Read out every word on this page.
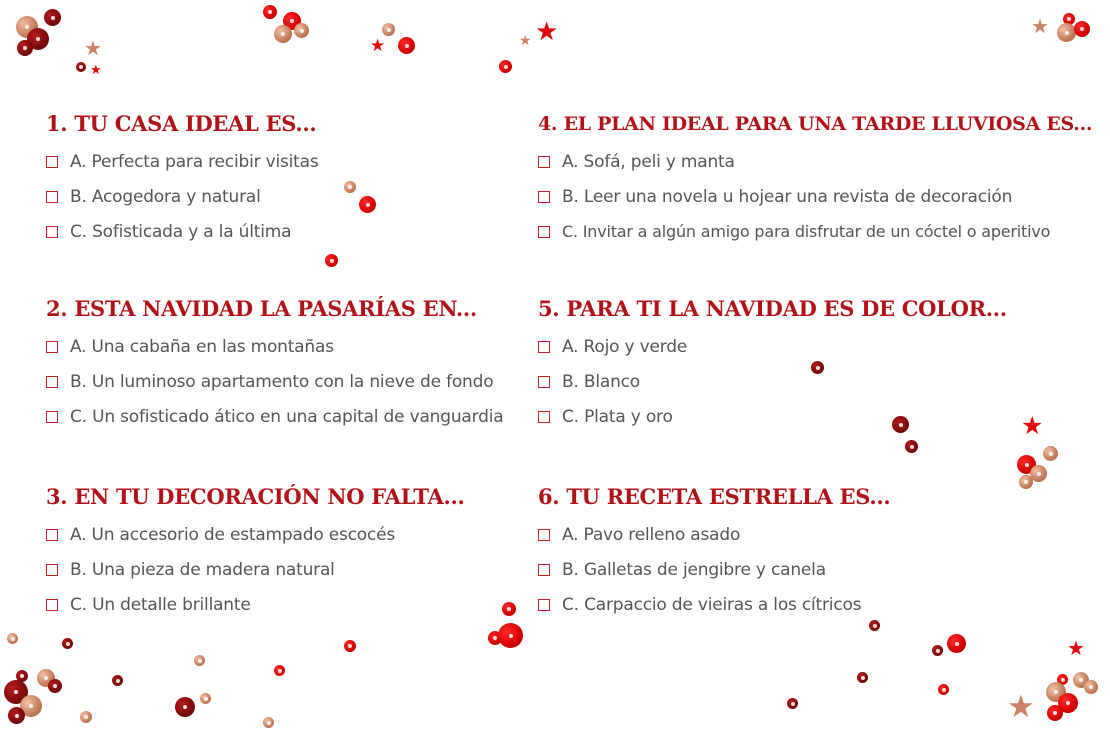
★
★
★	★ ★	★
★
★
★
1. TU CASA IDEAL ES...
A. Perfecta para recibir visitas
B. Acogedora y natural
C. Sofisticada y a la última
2. ESTA NAVIDAD LA PASARÍAS EN...
A. Una cabaña en las montañas
B. Un luminoso apartamento con la nieve de fondo
C. Un sofisticado ático en una capital de vanguardia
3. EN TU DECORACIÓN NO FALTA...
A. Un accesorio de estampado escocés
B. Una pieza de madera natural
C. Un detalle brillante
4. EL PLAN IDEAL PARA UNA TARDE LLUVIOSA ES...
A. Sofá, peli y manta
B. Leer una novela u hojear una revista de decoración
C. Invitar a algún amigo para disfrutar de un cóctel o aperitivo
5. PARA TI LA NAVIDAD ES DE COLOR...
A. Rojo y verde
B. Blanco
C. Plata y oro
6. TU RECETA ESTRELLA ES...
A. Pavo relleno asado
B. Galletas de jengibre y canela
C. Carpaccio de vieiras a los cítricos
